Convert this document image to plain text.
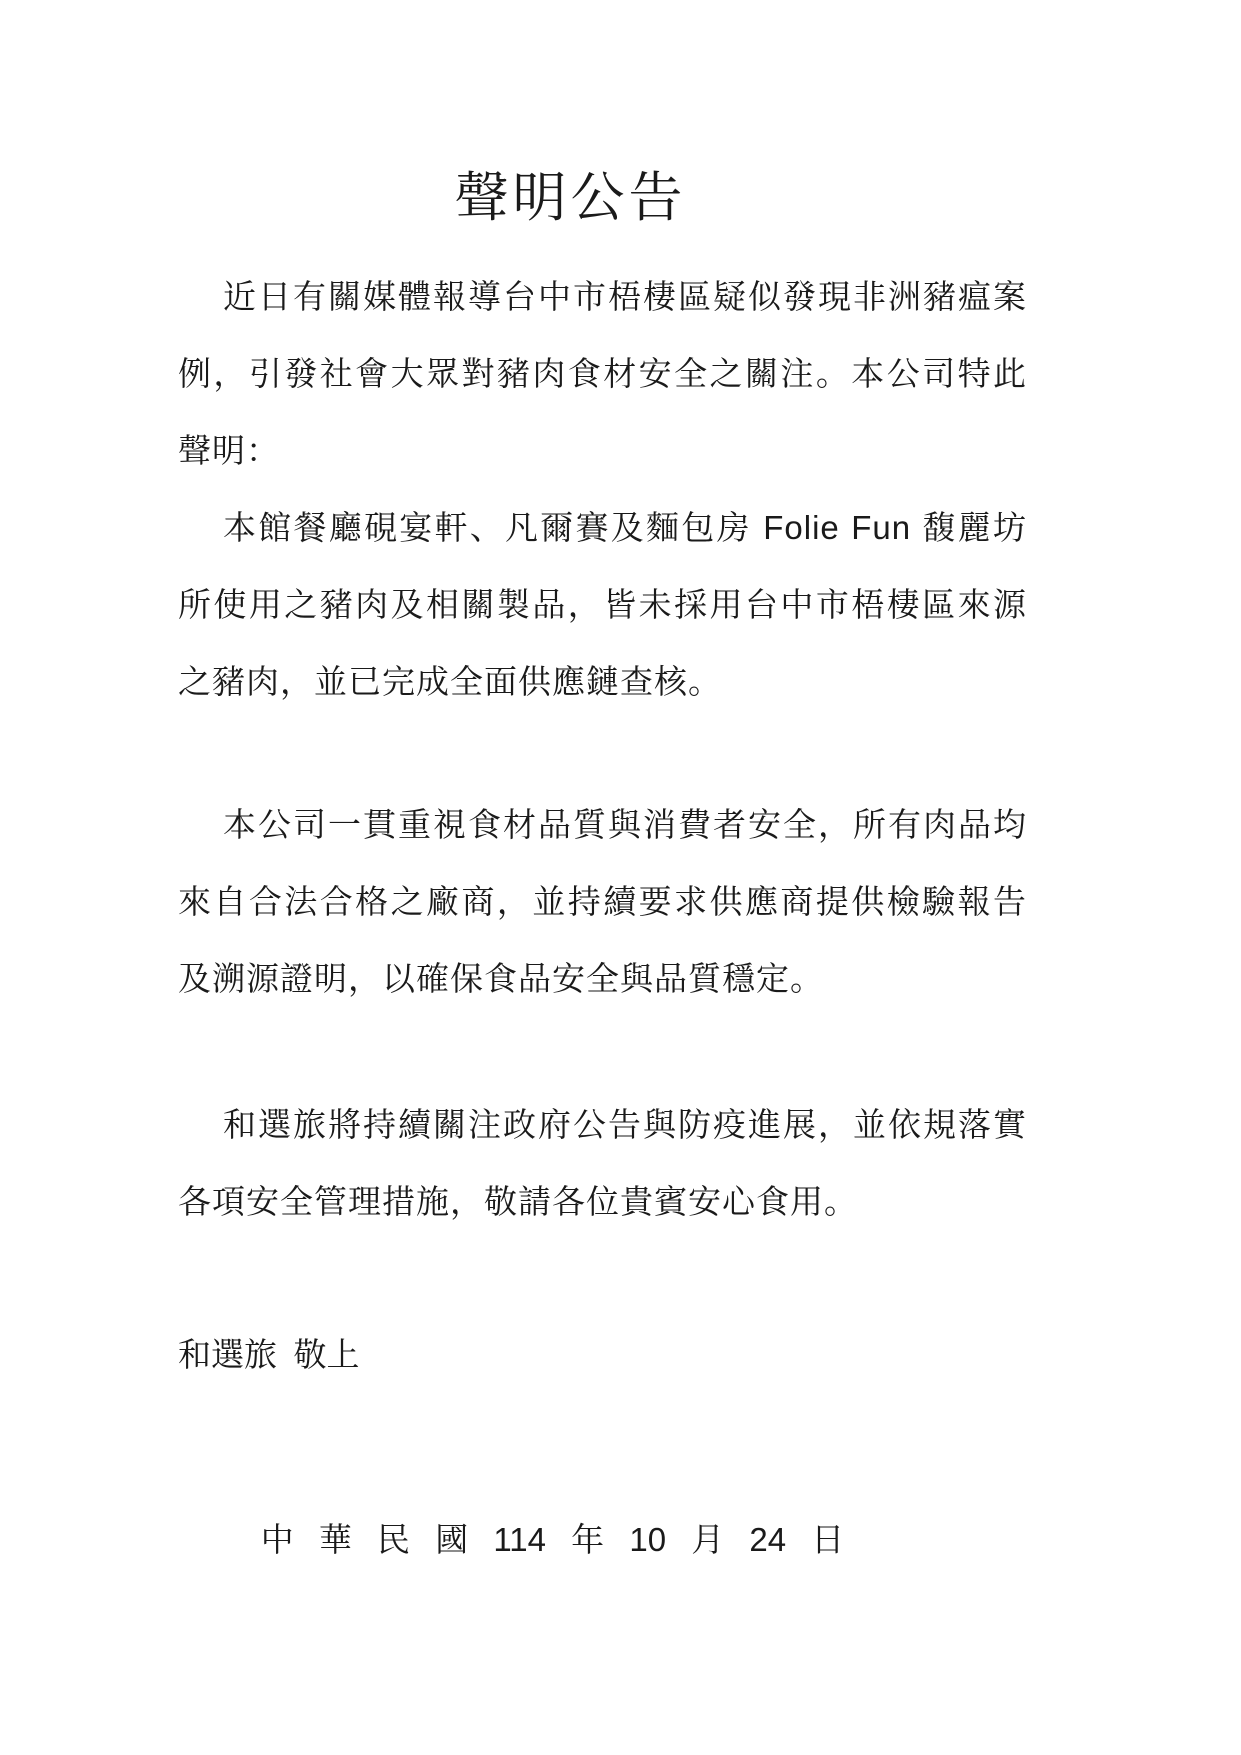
聲明公告

近日有關媒體報導台中市梧棲區疑似發現非洲豬瘟案例，引發社會大眾對豬肉食材安全之關注。本公司特此聲明：

本館餐廳硯宴軒、凡爾賽及麵包房 Folie Fun 馥麗坊所使用之豬肉及相關製品，皆未採用台中市梧棲區來源之豬肉，並已完成全面供應鏈查核。

本公司一貫重視食材品質與消費者安全，所有肉品均來自合法合格之廠商，並持續要求供應商提供檢驗報告及溯源證明，以確保食品安全與品質穩定。

和選旅將持續關注政府公告與防疫進展，並依規落實各項安全管理措施，敬請各位貴賓安心食用。

和選旅 敬上

中 華 民 國 114 年 10 月 24 日
